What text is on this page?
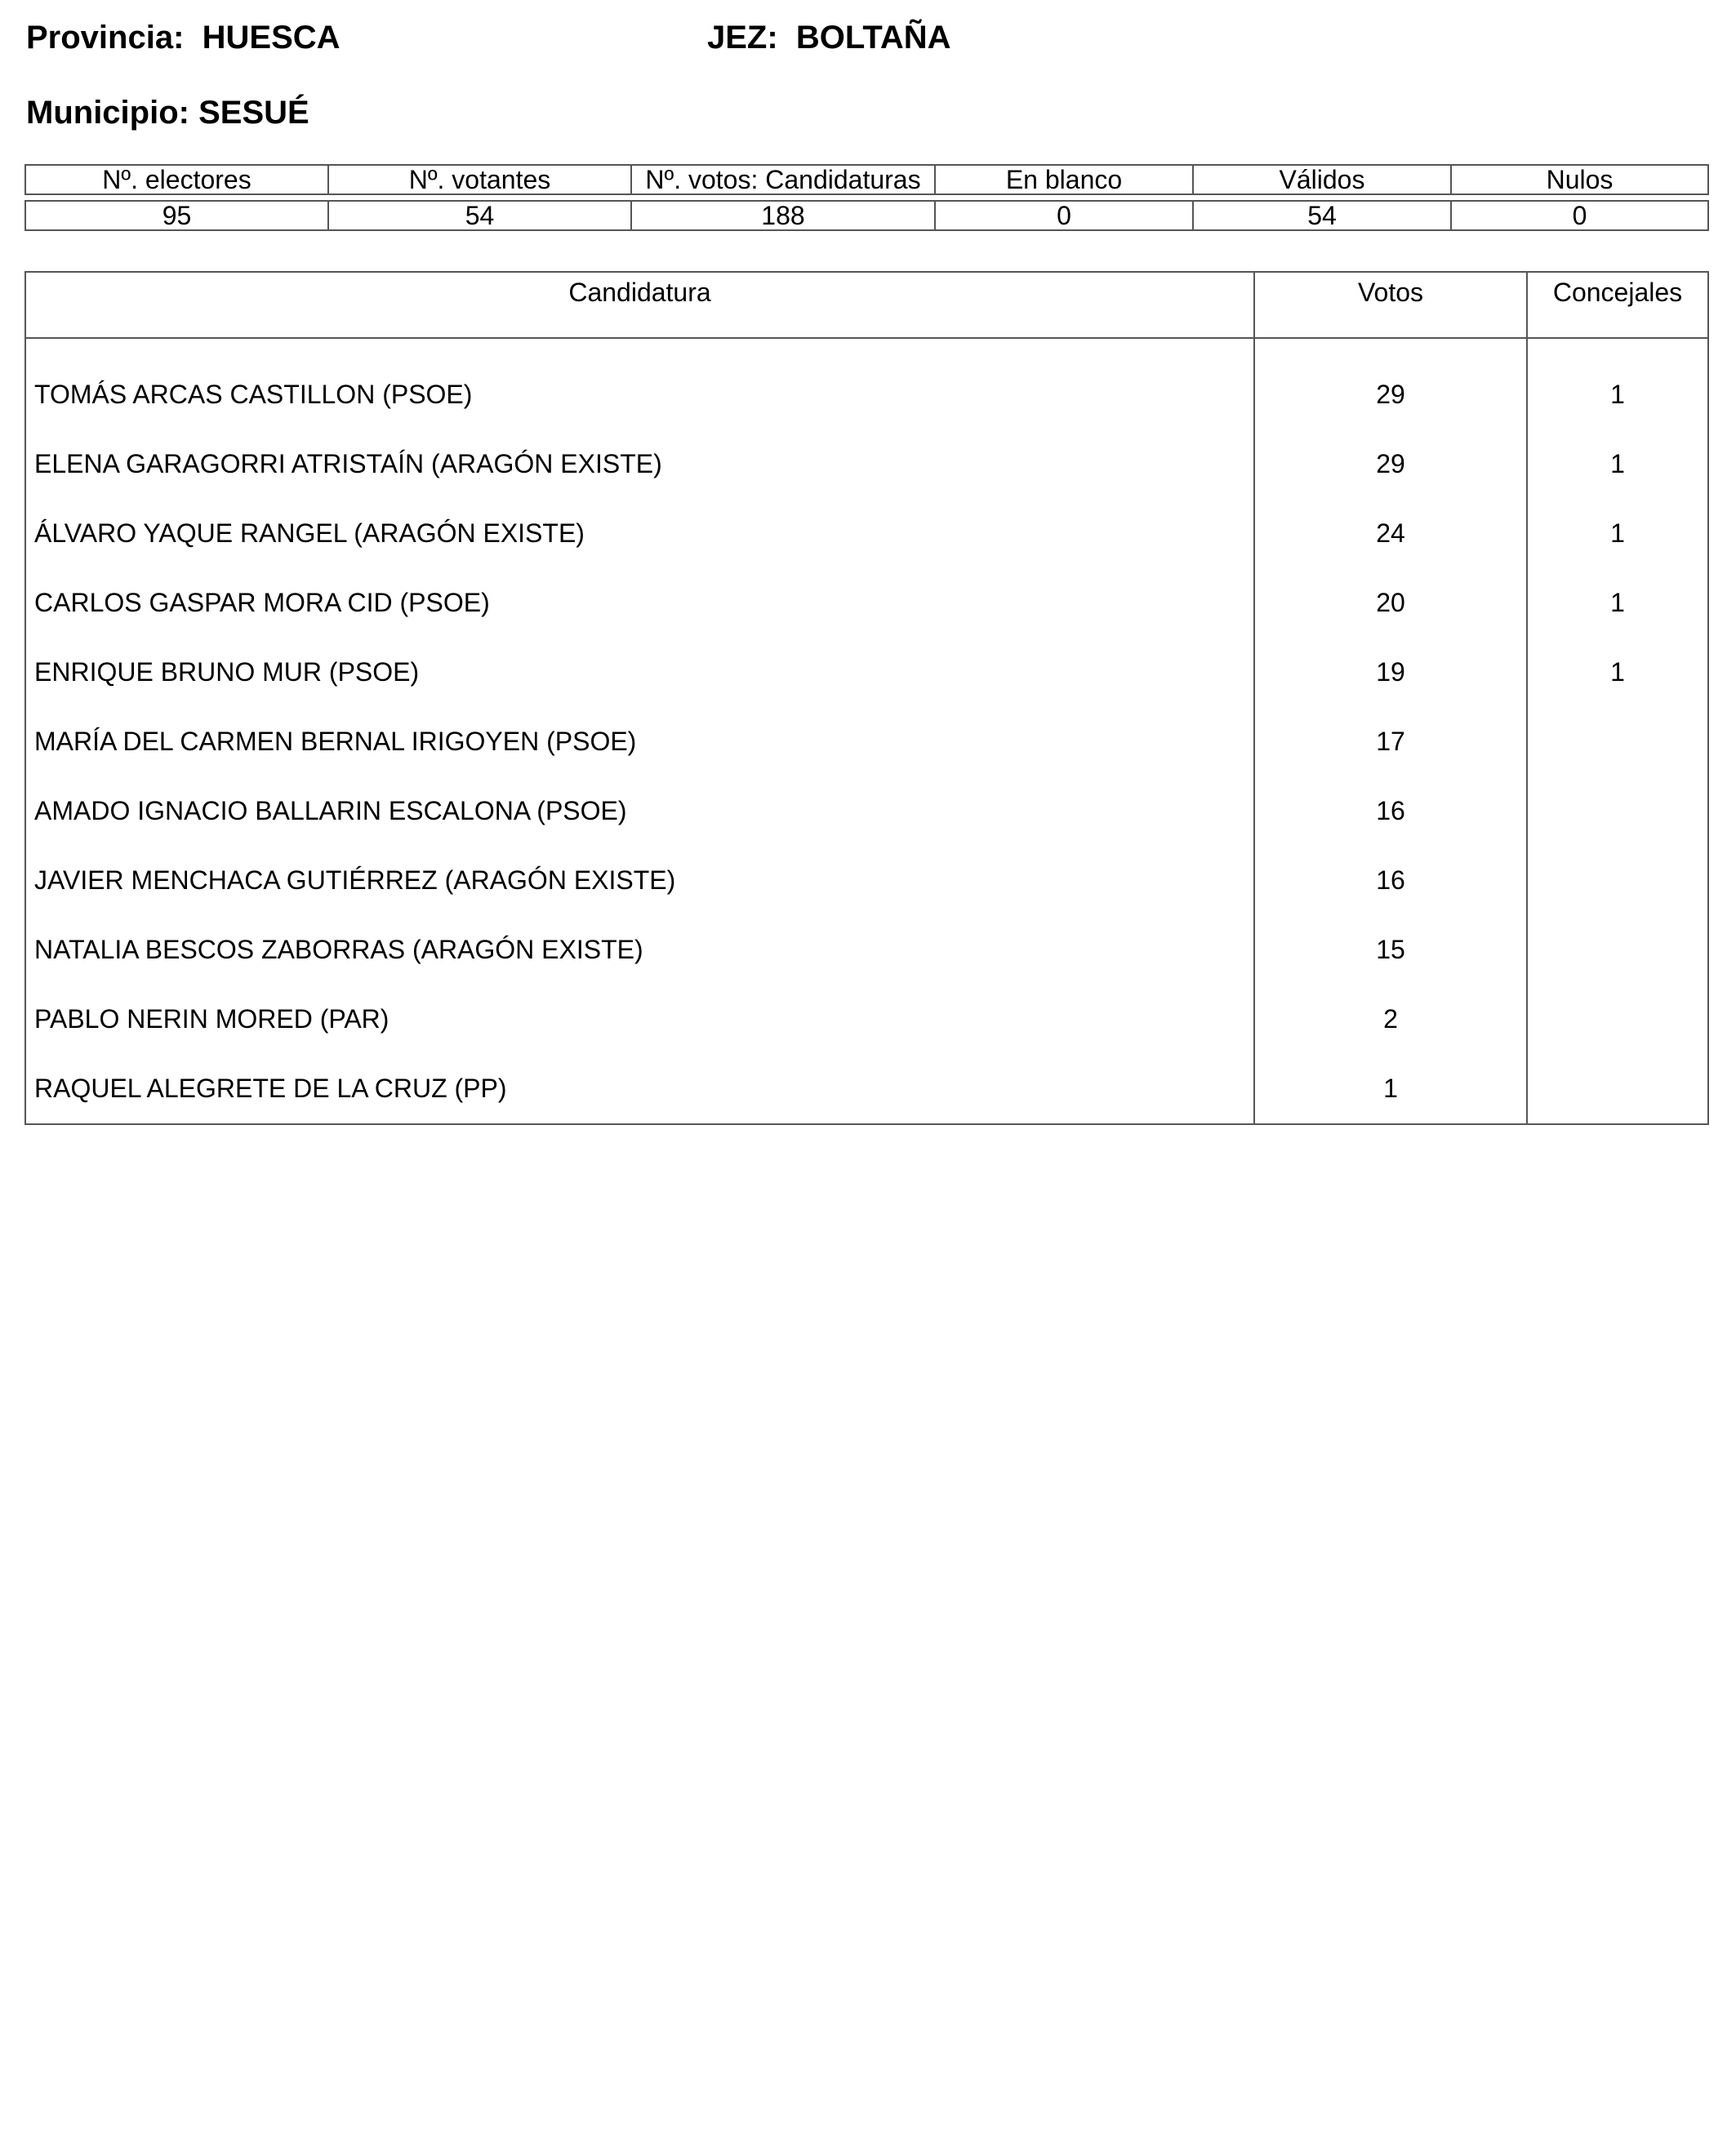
Provincia: HUESCA	JEZ: BOLTAÑA
Municipio: SESUÉ
Nº. electores	Nº. votantes	Nº. votos: Candidaturas	En blanco	Válidos	Nulos

95	54	188	0	54	0
Candidatura	Votos	Concejales
TOMÁS ARCAS CASTILLON (PSOE)	29	1
ELENA GARAGORRI ATRISTAÍN (ARAGÓN EXISTE)	29	1
ÁLVARO YAQUE RANGEL (ARAGÓN EXISTE)	24	1
CARLOS GASPAR MORA CID (PSOE)	20	1
ENRIQUE BRUNO MUR (PSOE)	19	1
MARÍA DEL CARMEN BERNAL IRIGOYEN (PSOE)	17	
AMADO IGNACIO BALLARIN ESCALONA (PSOE)	16	
JAVIER MENCHACA GUTIÉRREZ (ARAGÓN EXISTE)	16	
NATALIA BESCOS ZABORRAS (ARAGÓN EXISTE)	15	
PABLO NERIN MORED (PAR)	2	
RAQUEL ALEGRETE DE LA CRUZ (PP)	1	
